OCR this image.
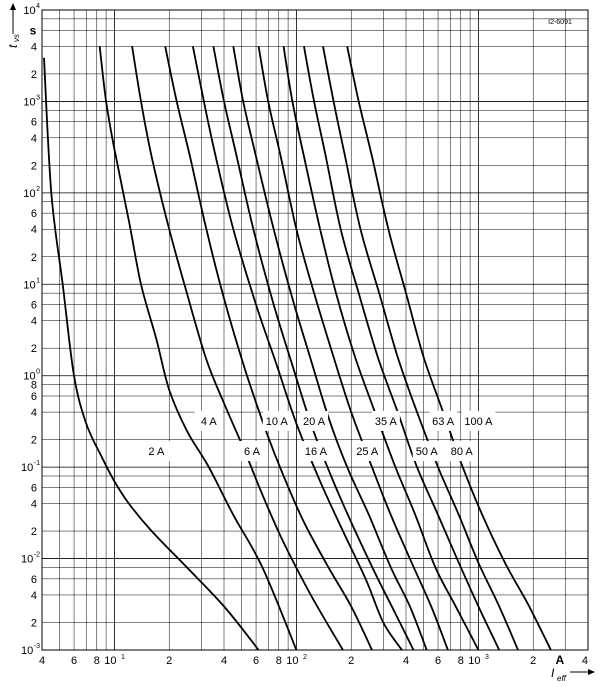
2 A
4 A
6 A
10 A
16 A
20 A
25 A
35 A
50 A
63 A
80 A
100 A
4 6 8 10 1	2	4 6 8 10 2	2	4 6 8 10 3	2	4
4
10
4
2
3
10
6
4
2
2
10
6
4
2
1
10
6
4
2
0
10
8
6
4
2
-1
10
6
4
2
-2
10
6
4
2
-3
10
I2-6091
t
vs
s
I eff
A
